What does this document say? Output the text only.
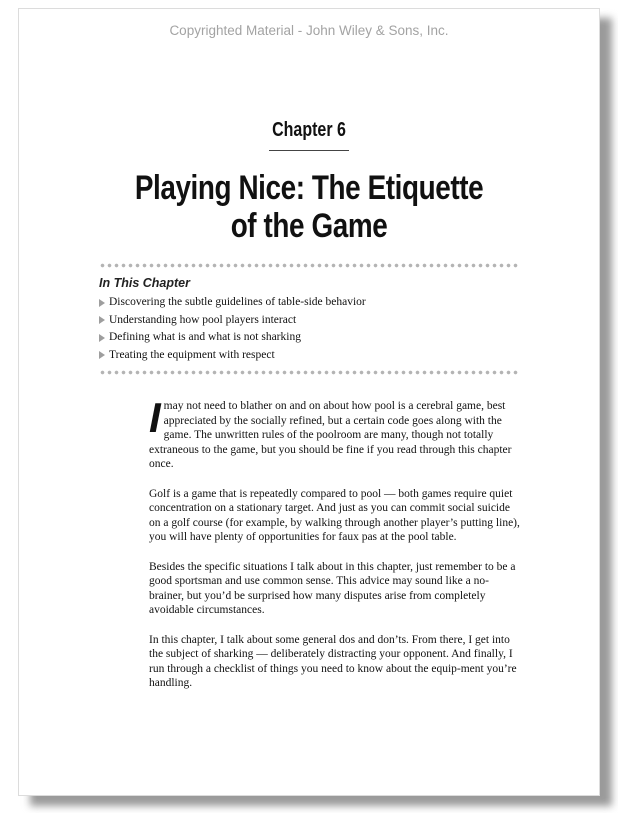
Copyrighted Material - John Wiley & Sons, Inc.
Chapter 6
Playing Nice: The Etiquette
of the Game
In This Chapter
Discovering the subtle guidelines of table-side behavior
Understanding how pool players interact
Defining what is and what is not sharking
Treating the equipment with respect

Imay not need to blather on and on about how pool is a cerebral game, best appreciated by the socially refined, but a certain code goes along with the game. The unwritten rules of the poolroom are many, though not totally extraneous to the game, but you should be fine if you read through this chapter once.

Golf is a game that is repeatedly compared to pool — both games require quiet concentration on a stationary target. And just as you can commit social suicide on a golf course (for example, by walking through another player’s putting line), you will have plenty of opportunities for faux pas at the pool table.

Besides the specific situations I talk about in this chapter, just remember to be a good sportsman and use common sense. This advice may sound like a no-brainer, but you’d be surprised how many disputes arise from completely avoidable circumstances.

In this chapter, I talk about some general dos and don’ts. From there, I get into the subject of sharking — deliberately distracting your opponent. And finally, I run through a checklist of things you need to know about the equip-ment you’re handling.
